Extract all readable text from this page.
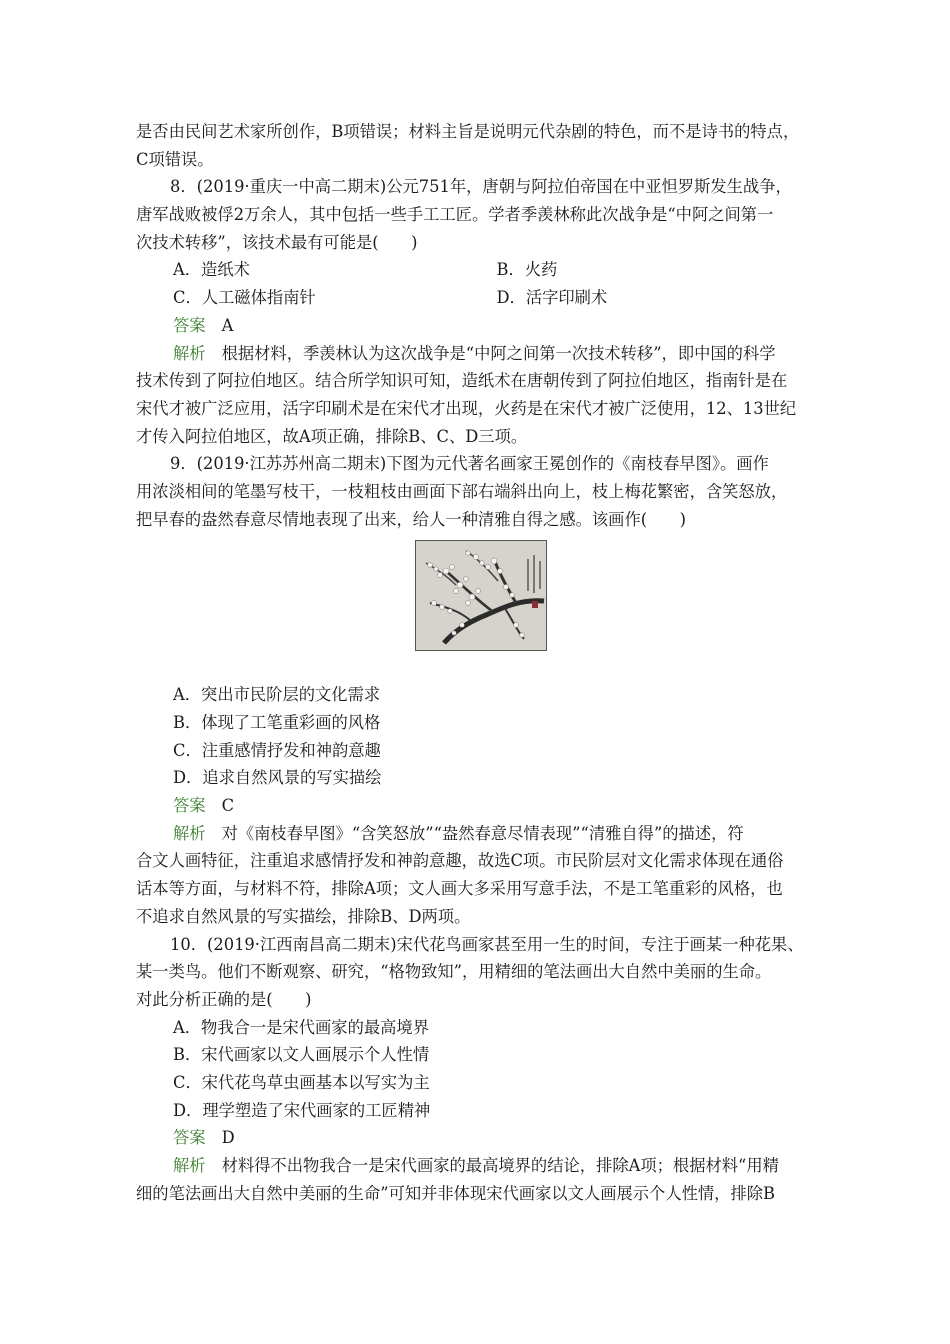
是否由民间艺术家所创作，B项错误；材料主旨是说明元代杂剧的特色，而不是诗书的特点，
C项错误。
8．(2019·重庆一中高二期末)公元751年，唐朝与阿拉伯帝国在中亚怛罗斯发生战争，
唐军战败被俘2万余人，其中包括一些手工工匠。学者季羡林称此次战争是“中阿之间第一
次技术转移”，该技术最有可能是(　　)
A．造纸术	B．火药
C．人工磁体指南针	D．活字印刷术
答案 A
解析 根据材料，季羡林认为这次战争是“中阿之间第一次技术转移”，即中国的科学
技术传到了阿拉伯地区。结合所学知识可知，造纸术在唐朝传到了阿拉伯地区，指南针是在
宋代才被广泛应用，活字印刷术是在宋代才出现，火药是在宋代才被广泛使用，12、13世纪
才传入阿拉伯地区，故A项正确，排除B、C、D三项。
9．(2019·江苏苏州高二期末)下图为元代著名画家王冕创作的《南枝春早图》。画作
用浓淡相间的笔墨写枝干，一枝粗枝由画面下部右端斜出向上，枝上梅花繁密，含笑怒放，
把早春的盎然春意尽情地表现了出来，给人一种清雅自得之感。该画作(　　)
A．突出市民阶层的文化需求
B．体现了工笔重彩画的风格
C．注重感情抒发和神韵意趣
D．追求自然风景的写实描绘
答案 C
解析 对《南枝春早图》“含笑怒放”“盎然春意尽情表现”“清雅自得”的描述，符
合文人画特征，注重追求感情抒发和神韵意趣，故选C项。市民阶层对文化需求体现在通俗
话本等方面，与材料不符，排除A项；文人画大多采用写意手法，不是工笔重彩的风格，也
不追求自然风景的写实描绘，排除B、D两项。
10．(2019·江西南昌高二期末)宋代花鸟画家甚至用一生的时间，专注于画某一种花果、
某一类鸟。他们不断观察、研究，“格物致知”，用精细的笔法画出大自然中美丽的生命。
对此分析正确的是(　　)
A．物我合一是宋代画家的最高境界
B．宋代画家以文人画展示个人性情
C．宋代花鸟草虫画基本以写实为主
D．理学塑造了宋代画家的工匠精神
答案 D
解析 材料得不出物我合一是宋代画家的最高境界的结论，排除A项；根据材料“用精
细的笔法画出大自然中美丽的生命”可知并非体现宋代画家以文人画展示个人性情，排除B
